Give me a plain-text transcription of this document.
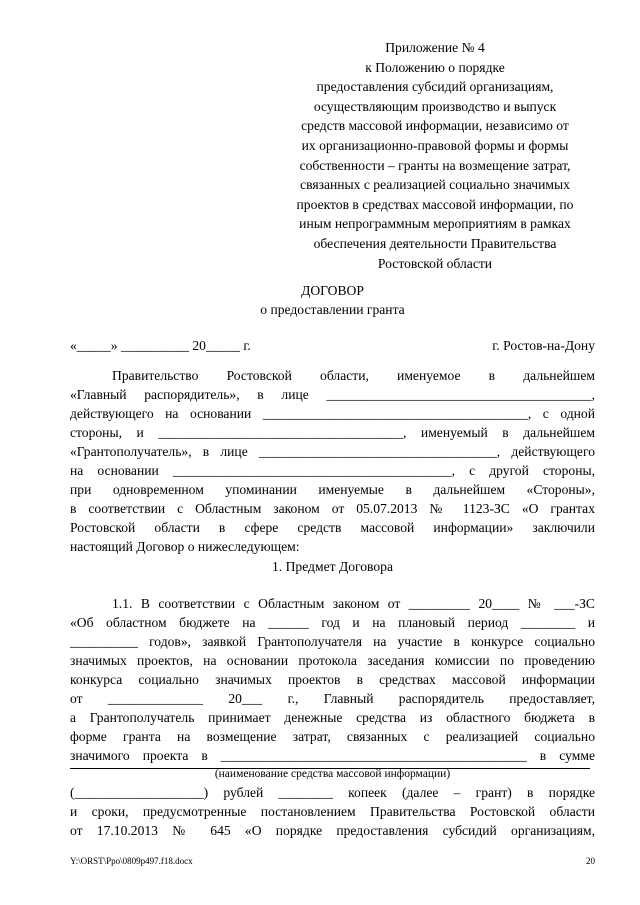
Приложение № 4
к Положению о порядке
предоставления субсидий организациям,
осуществляющим производство и выпуск
средств массовой информации, независимо от
их организационно-правовой формы и формы
собственности – гранты на возмещение затрат,
связанных с реализацией социально значимых
проектов в средствах массовой информации, по
иным непрограммным мероприятиям в рамках
обеспечения деятельности Правительства
Ростовской области
ДОГОВОР
о предоставлении гранта
«_____» __________ 20_____ г.	г. Ростов-на-Дону
Правительство Ростовской области, именуемое в дальнейшем
«Главный распорядитель», в лице _______________________________________,
действующего на основании _______________________________________, с одной
стороны, и ____________________________________, именуемый в дальнейшем
«Грантополучатель», в лице ___________________________________, действующего
на основании _________________________________________, с другой стороны,
при одновременном упоминании именуемые в дальнейшем «Стороны»,
в соответствии с Областным законом от 05.07.2013 № 1123-ЗС «О грантах
Ростовской области в сфере средств массовой информации» заключили
настоящий Договор о нижеследующем:
1. Предмет Договора
1.1. В соответствии с Областным законом от _________ 20____ № ___-ЗС
«Об областном бюджете на ______ год и на плановый период ________ и
__________ годов», заявкой Грантополучателя на участие в конкурсе социально
значимых проектов, на основании протокола заседания комиссии по проведению
конкурса социально значимых проектов в средствах массовой информации
от ______________ 20___ г., Главный распорядитель предоставляет,
а Грантополучатель принимает денежные средства из областного бюджета в
форме гранта на возмещение затрат, связанных с реализацией социально
значимого проекта в _____________________________________________ в сумме
(наименование средства массовой информации)
(___________________) рублей ________ копеек (далее – грант) в порядке
и сроки, предусмотренные постановлением Правительства Ростовской области
от 17.10.2013 № 645 «О порядке предоставления субсидий организациям,
Y:\ORST\Ppo\0809p497.f18.docx	20
